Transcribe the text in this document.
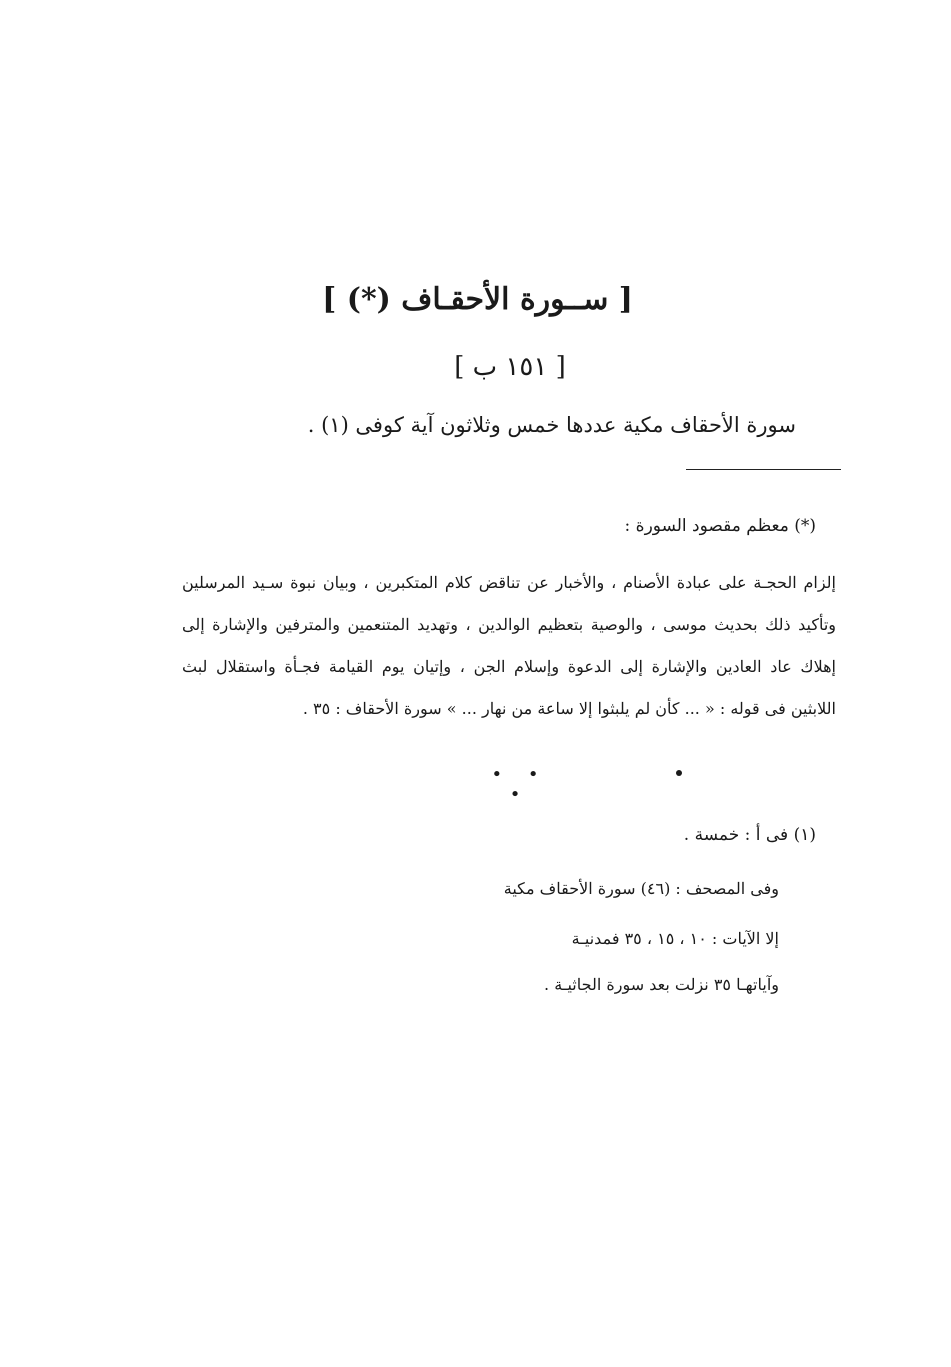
[ ســورة الأحقـاف (*) ]
[ ١٥١ ب ]
سورة الأحقاف مكية عددها خمس وثلاثون آية كوفى (١) .
(*) معظم مقصود السورة :
إلزام الحجـة على عبادة الأصنام ، والأخبار عن تناقض كلام المتكبرين ، وبيان نبوة سـيد المرسلين وتأكيد ذلك بحديث موسى ، والوصية بتعظيم الوالدين ، وتهديد المتنعمين والمترفين والإشارة إلى إهلاك عاد العادين والإشارة إلى الدعوة وإسلام الجن ، وإتيان يوم القيامة فجـأة واستقلال لبث اللابثين فى قوله : « ... كأن لم يلبثوا إلا ساعة من نهار ... » سورة الأحقاف : ٣٥ .
• • •
(١) فى أ : خمسة .
وفى المصحف : (٤٦) سورة الأحقاف مكية
إلا الآيات : ١٠ ، ١٥ ، ٣٥ فمدنيـة
وآياتهـا ٣٥ نزلت بعد سورة الجاثيـة .
